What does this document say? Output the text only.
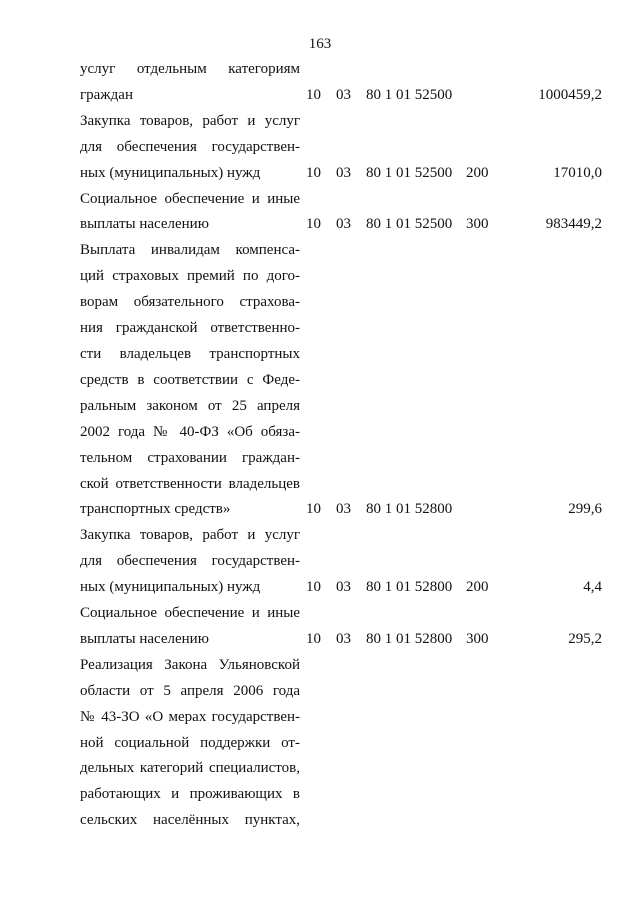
163
услуг отдельным категориям
граждан	10 03 80 1 01 52500	1000459,2
Закупка товаров, работ и услуг
для обеспечения государствен-
ных (муниципальных) нужд	10 03 80 1 01 52500 200	17010,0
Социальное обеспечение и иные
выплаты населению	10 03 80 1 01 52500 300	983449,2
Выплата инвалидам компенса-
ций страховых премий по дого-
ворам обязательного страхова-
ния гражданской ответственно-
сти владельцев транспортных
средств в соответствии с Феде-
ральным законом от 25 апреля
2002 года № 40-ФЗ «Об обяза-
тельном страховании граждан-
ской ответственности владельцев
транспортных средств»	10 03 80 1 01 52800	299,6
Закупка товаров, работ и услуг
для обеспечения государствен-
ных (муниципальных) нужд	10 03 80 1 01 52800 200	4,4
Социальное обеспечение и иные
выплаты населению	10 03 80 1 01 52800 300	295,2
Реализация Закона Ульяновской
области от 5 апреля 2006 года
№ 43-ЗО «О мерах государствен-
ной социальной поддержки от-
дельных категорий специалистов,
работающих и проживающих в
сельских населённых пунктах,
